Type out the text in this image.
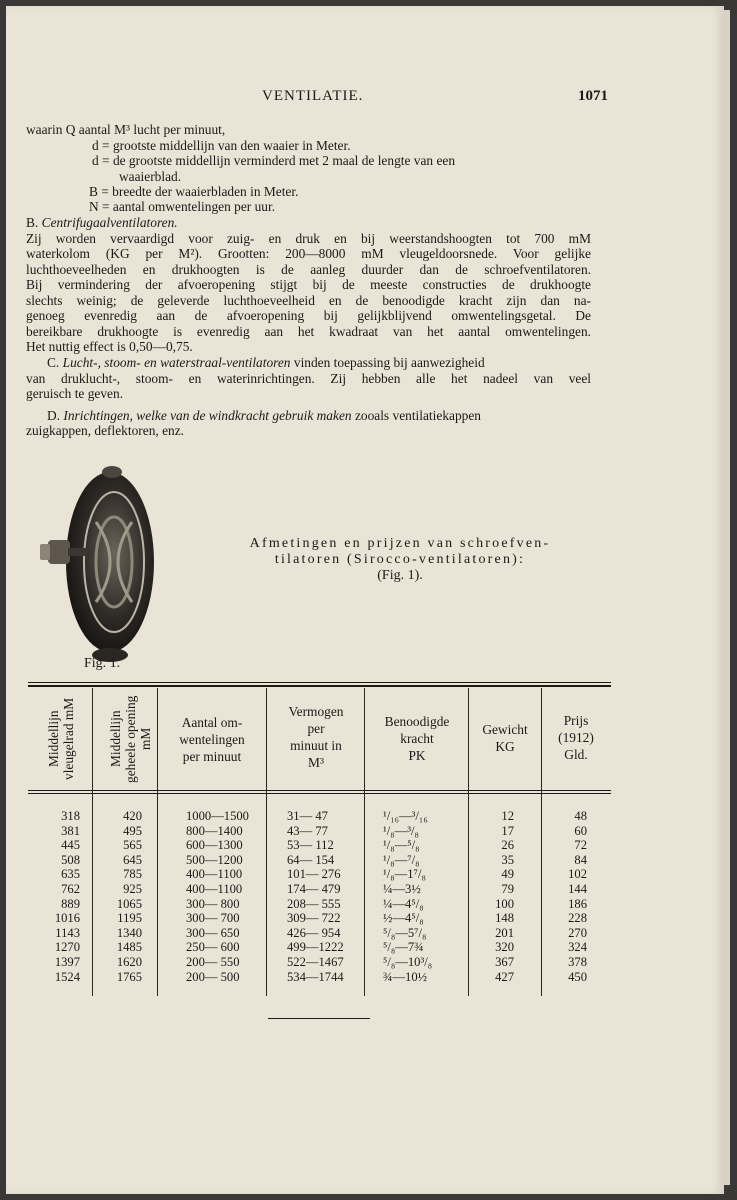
VENTILATIE.	1071
waarin Q aantal M³ lucht per minuut,
d = grootste middellijn van den waaier in Meter.
d = de grootste middellijn verminderd met 2 maal de lengte van een
waaierblad.
B = breedte der waaierbladen in Meter.
N = aantal omwentelingen per uur.
B. Centrifugaalventilatoren.
Zij worden vervaardigd voor zuig- en druk en bij weerstandshoogten tot 700 mM
waterkolom (KG per M²). Grootten: 200—8000 mM vleugeldoorsnede. Voor gelijke
luchthoeveelheden en drukhoogten is de aanleg duurder dan de schroefventilatoren.
Bij vermindering der afvoeropening stijgt bij de meeste constructies de drukhoogte
slechts weinig; de geleverde luchthoeveelheid en de benoodigde kracht zijn dan na-
genoeg evenredig aan de afvoeropening bij gelijkblijvend omwentelingsgetal. De
bereikbare drukhoogte is evenredig aan het kwadraat van het aantal omwentelingen.
Het nuttig effect is 0,50—0,75.
C. Lucht-, stoom- en waterstraal-ventilatoren vinden toepassing bij aanwezigheid
van druklucht-, stoom- en waterinrichtingen. Zij hebben alle het nadeel van veel
geruisch te geven.
D. Inrichtingen, welke van de windkracht gebruik maken zooals ventilatiekappen
zuigkappen, deflektoren, enz.
Fig. 1.
Afmetingen en prijzen van schroefven-
tilatoren (Sirocco-ventilatoren):
(Fig. 1).
Middellijn vleugelrad mM	Middellijn geheele opening mM
Aantal om-
wentelingen
per minuut
Vermogen
per
minuut in
M³
Benoodigde
kracht
PK
Gewicht
KG
Prijs
(1912)
Gld.
318
381
445
508
635
762
889
1016
1143
1270
1397
1524
420
495
565
645
785
925
1065
1195
1340
1485
1620
1765
1000—1500
800—1400
600—1300
500—1200
400—1100
400—1100
300— 800
300— 700
300— 650
250— 600
200— 550
200— 500
31— 47
43— 77
53— 112
64— 154
101— 276
174— 479
208— 555
309— 722
426— 954
499—1222
522—1467
534—1744
¹/₁₆—³/₁₆
¹/₈—³/₈
¹/₈—⁵/₈
¹/₈—⁷/₈
¹/₈—1⁷/₈
¼—3½
¼—4⁵/₈
½—4⁵/₈
⁵/₈—5⁷/₈
⁵/₈—7¾
⁵/₈—10³/₈
¾—10½
12
17
26
35
49
79
100
148
201
320
367
427
48
60
72
84
102
144
186
228
270
324
378
450
